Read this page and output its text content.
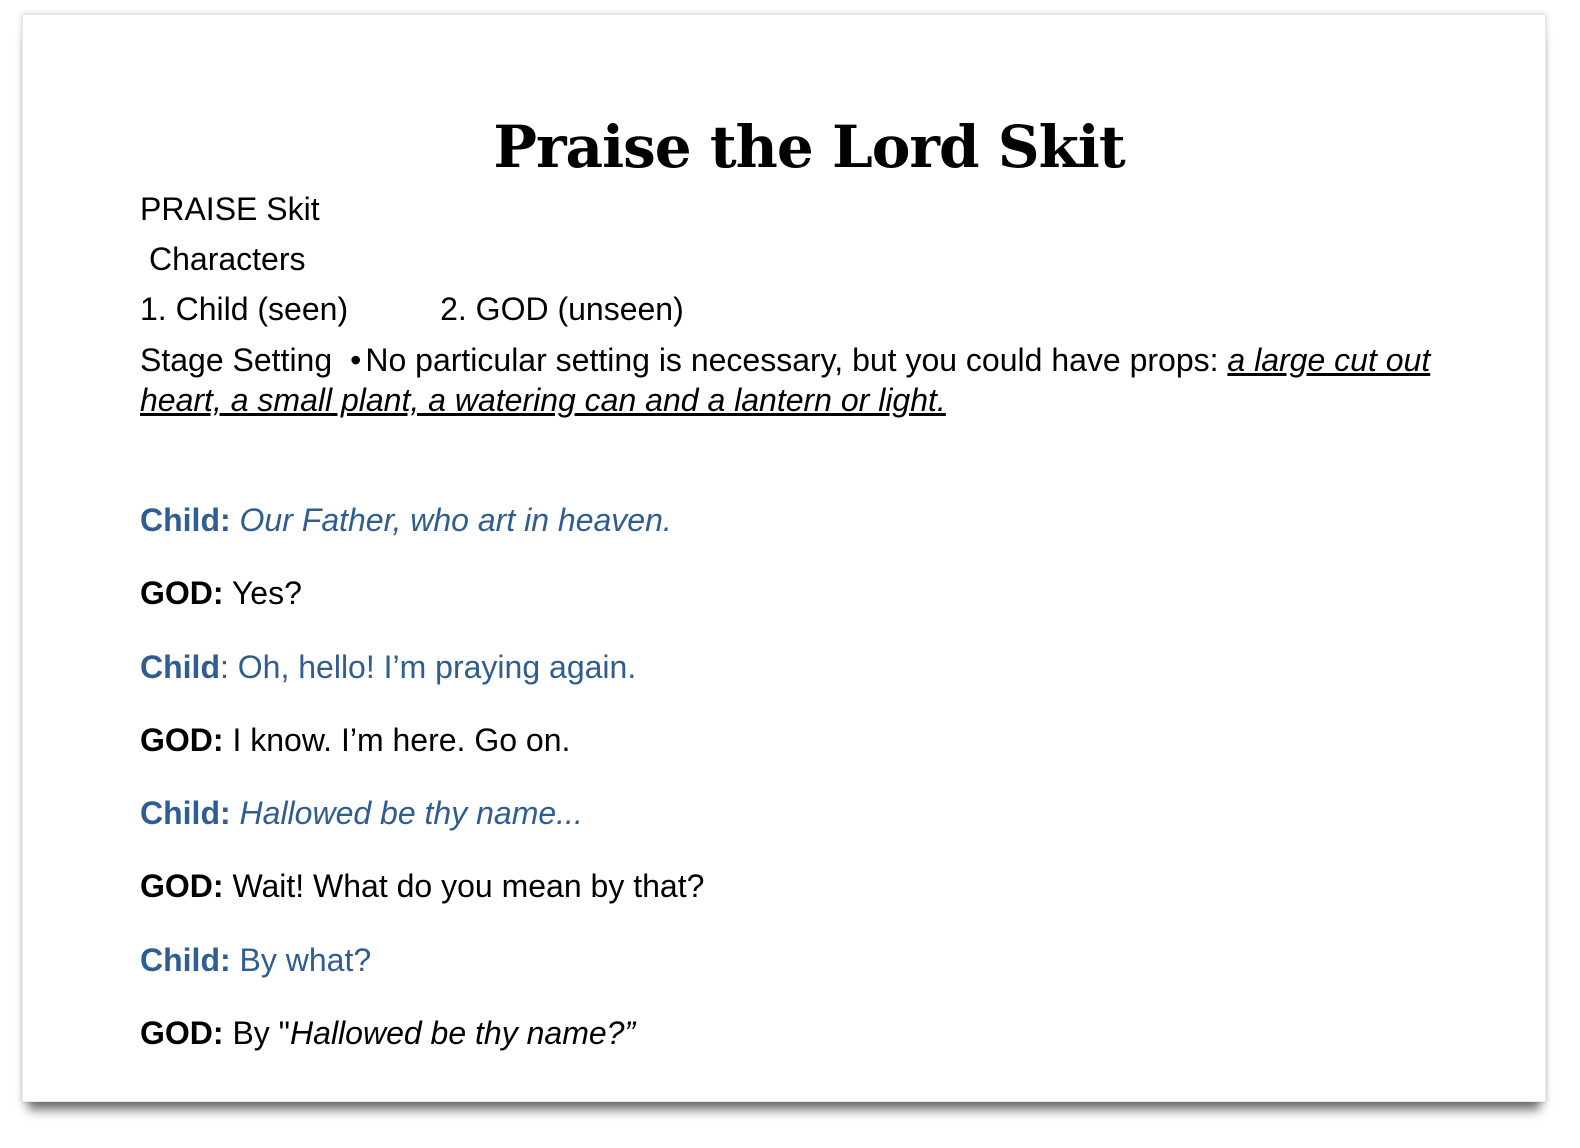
Praise the Lord Skit

PRAISE Skit

Characters

1. Child (seen)	2. GOD (unseen)

Stage Setting • No particular setting is necessary, but you could have props: a large cut out heart, a small plant, a watering can and a lantern or light.

Child: Our Father, who art in heaven.

GOD: Yes?

Child: Oh, hello! I’m praying again.

GOD: I know. I’m here. Go on.

Child: Hallowed be thy name...

GOD: Wait! What do you mean by that?

Child: By what?

GOD: By "Hallowed be thy name?”
